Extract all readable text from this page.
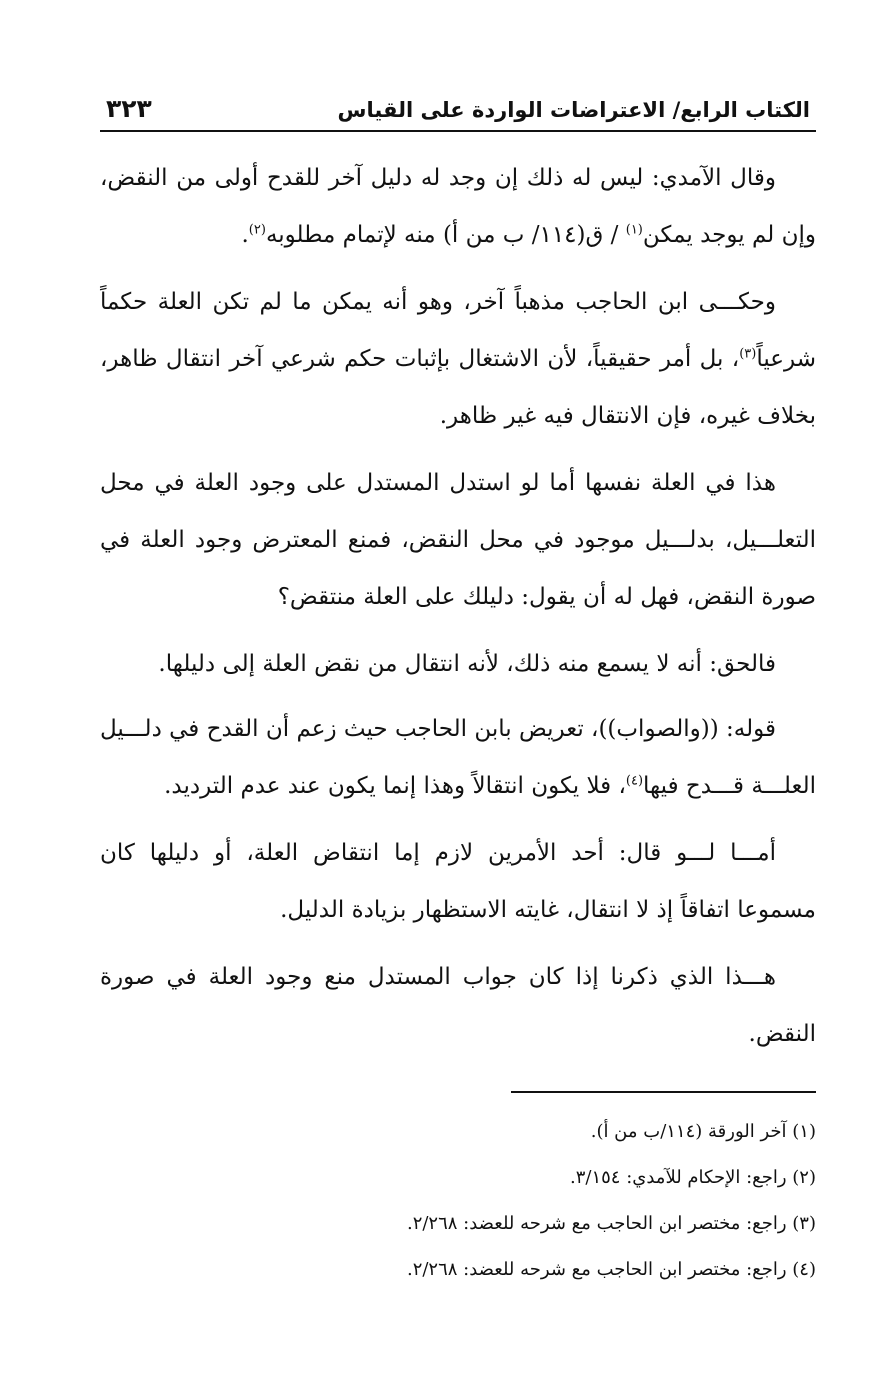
الكتاب الرابع/ الاعتراضات الواردة على القياس
٣٢٣

وقال الآمدي: ليس له ذلك إن وجد له دليل آخر للقدح أولى من النقض، وإن لم يوجد يمكن$^{(١)}$ / ق(١١٤/ ب من أ) منه لإتمام مطلوبه$^{(٢)}$.

وحكـــى ابن الحاجب مذهباً آخر، وهو أنه يمكن ما لم تكن العلة حكماً شرعياً$^{(٣)}$، بل أمر حقيقياً، لأن الاشتغال بإثبات حكم شرعي آخر انتقال ظاهر، بخلاف غيره، فإن الانتقال فيه غير ظاهر.

هذا في العلة نفسها أما لو استدل المستدل على وجود العلة في محل التعلـــيل، بدلـــيل موجود في محل النقض، فمنع المعترض وجود العلة في صورة النقض، فهل له أن يقول: دليلك على العلة منتقض؟

فالحق: أنه لا يسمع منه ذلك، لأنه انتقال من نقض العلة إلى دليلها.

قوله: ((والصواب))، تعريض بابن الحاجب حيث زعم أن القدح في دلـــيل العلـــة قـــدح فيها$^{(٤)}$، فلا يكون انتقالاً وهذا إنما يكون عند عدم الترديد.

أمـــا لـــو قال: أحد الأمرين لازم إما انتقاض العلة، أو دليلها كان مسموعا اتفاقاً إذ لا انتقال، غايته الاستظهار بزيادة الدليل.

هـــذا الذي ذكرنا إذا كان جواب المستدل منع وجود العلة في صورة النقض.

(١) آخر الورقة (١١٤/ب من أ).

(٢) راجع: الإحكام للآمدي: ٣/١٥٤.

(٣) راجع: مختصر ابن الحاجب مع شرحه للعضد: ٢/٢٦٨.

(٤) راجع: مختصر ابن الحاجب مع شرحه للعضد: ٢/٢٦٨.
